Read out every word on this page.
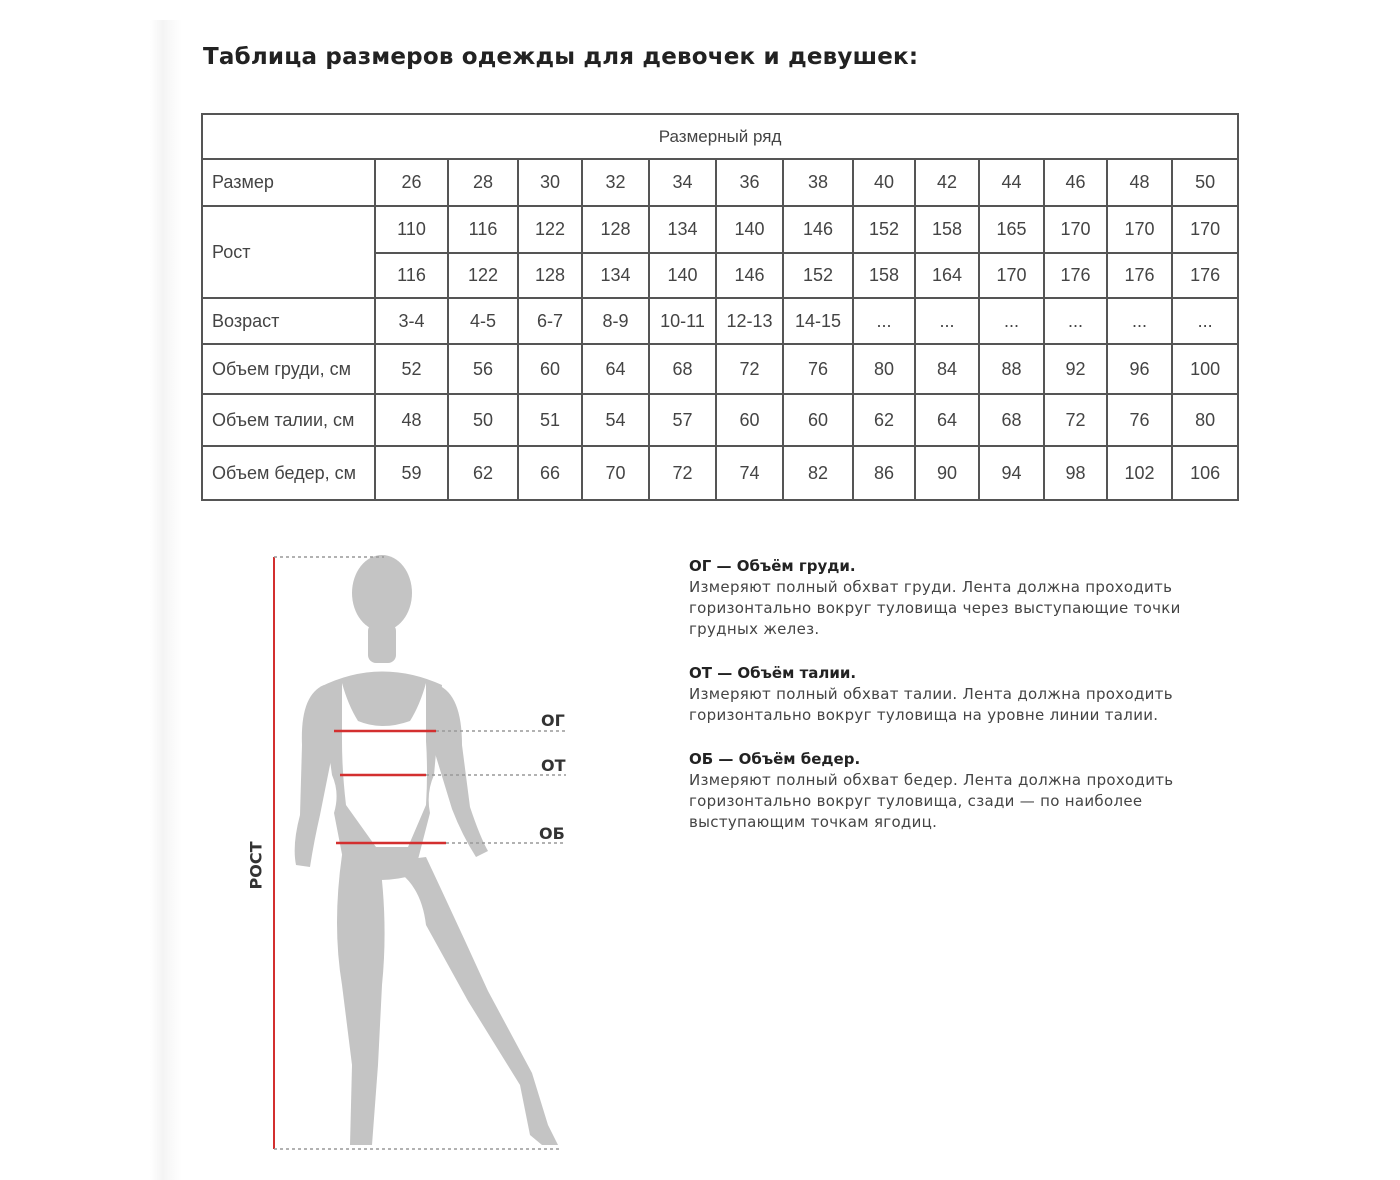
Таблица размеров одежды для девочек и девушек:
Размерный ряд													
Размер	26	28	30	32	34	36	38	40	42	44	46	48	50
Рост	110	116	122	128	134	140	146	152	158	165	170	170	170
	116	122	128	134	140	146	152	158	164	170	176	176	176
Возраст	3-4	4-5	6-7	8-9	10-11	12-13	14-15	...	...	...	...	...	...
Объем груди, см	52	56	60	64	68	72	76	80	84	88	92	96	100
Объем талии, см	48	50	51	54	57	60	60	62	64	68	72	76	80
Объем бедер, см	59	62	66	70	72	74	82	86	90	94	98	102	106
РОСТ
ОГ
ОТ
ОБ
ОГ — Объём груди.
Измеряют полный обхват груди. Лента должна проходить
горизонтально вокруг туловища через выступающие точки
грудных желез.
ОТ — Объём талии.
Измеряют полный обхват талии. Лента должна проходить
горизонтально вокруг туловища на уровне линии талии.
ОБ — Объём бедер.
Измеряют полный обхват бедер. Лента должна проходить
горизонтально вокруг туловища, сзади — по наиболее
выступающим точкам ягодиц.
